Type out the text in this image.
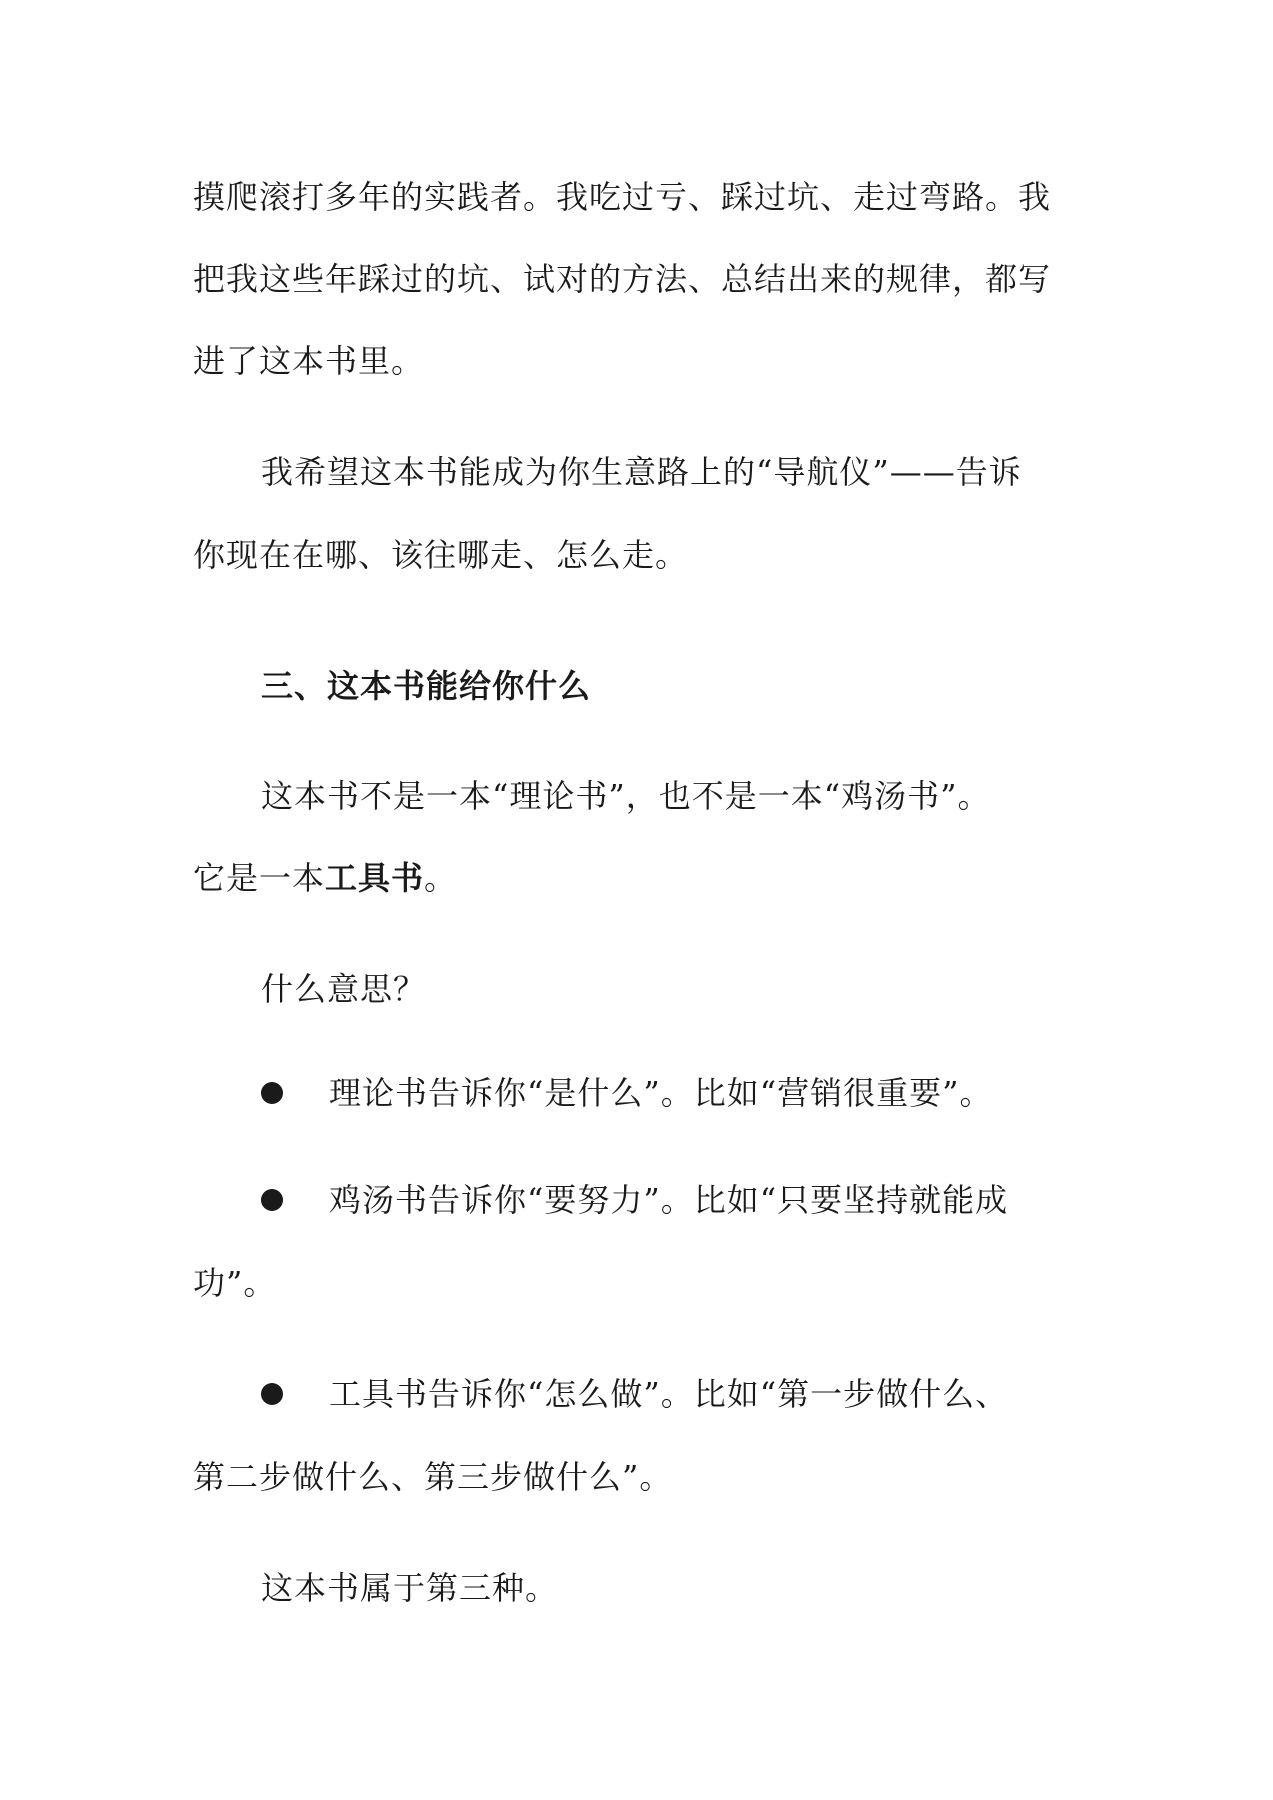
摸爬滚打多年的实践者。我吃过亏、踩过坑、走过弯路。我
把我这些年踩过的坑、试对的方法、总结出来的规律，都写
进了这本书里。
我希望这本书能成为你生意路上的“导航仪”——告诉
你现在在哪、该往哪走、怎么走。
三、这本书能给你什么
这本书不是一本“理论书”，也不是一本“鸡汤书”。
它是一本工具书。
什么意思？
理论书告诉你“是什么”。比如“营销很重要”。
鸡汤书告诉你“要努力”。比如“只要坚持就能成
功”。
工具书告诉你“怎么做”。比如“第一步做什么、
第二步做什么、第三步做什么”。
这本书属于第三种。
